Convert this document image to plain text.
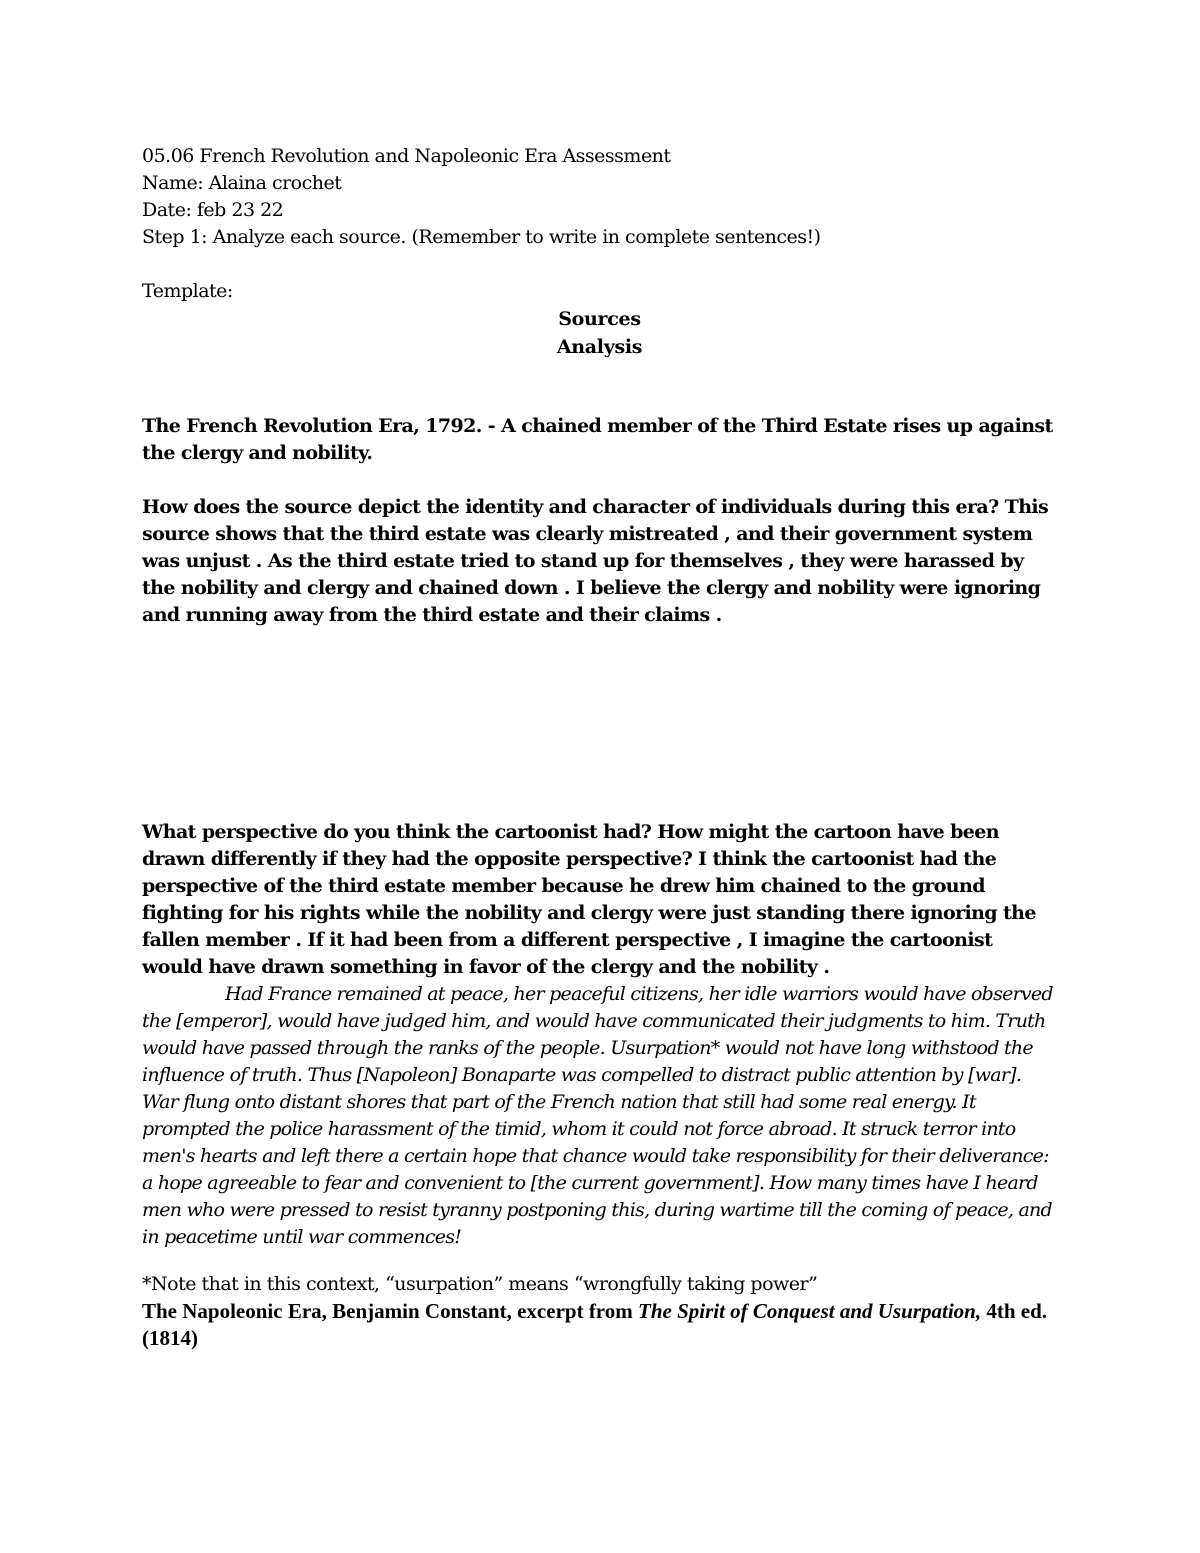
05.06 French Revolution and Napoleonic Era Assessment

Name: Alaina crochet

Date: feb 23 22

Step 1: Analyze each source. (Remember to write in complete sentences!)

Template:

Sources

Analysis

The French Revolution Era, 1792. - A chained member of the Third Estate rises up against the clergy and nobility.

How does the source depict the identity and character of individuals during this era? This source shows that the third estate was clearly mistreated , and their government system was unjust . As the third estate tried to stand up for themselves , they were harassed by the nobility and clergy and chained down . I believe the clergy and nobility were ignoring and running away from the third estate and their claims .

What perspective do you think the cartoonist had? How might the cartoon have been drawn differently if they had the opposite perspective? I think the cartoonist had the perspective of the third estate member because he drew him chained to the ground fighting for his rights while the nobility and clergy were just standing there ignoring the fallen member . If it had been from a different perspective , I imagine the cartoonist would have drawn something in favor of the clergy and the nobility .

Had France remained at peace, her peaceful citizens, her idle warriors would have observed the [emperor], would have judged him, and would have communicated their judgments to him. Truth would have passed through the ranks of the people. Usurpation* would not have long withstood the influence of truth. Thus [Napoleon] Bonaparte was compelled to distract public attention by [war]. War flung onto distant shores that part of the French nation that still had some real energy. It prompted the police harassment of the timid, whom it could not force abroad. It struck terror into men's hearts and left there a certain hope that chance would take responsibility for their deliverance: a hope agreeable to fear and convenient to [the current government]. How many times have I heard men who were pressed to resist tyranny postponing this, during wartime till the coming of peace, and in peacetime until war commences!

*Note that in this context, “usurpation” means “wrongfully taking power”

The Napoleonic Era, Benjamin Constant, excerpt from The Spirit of Conquest and Usurpation, 4th ed. (1814)
